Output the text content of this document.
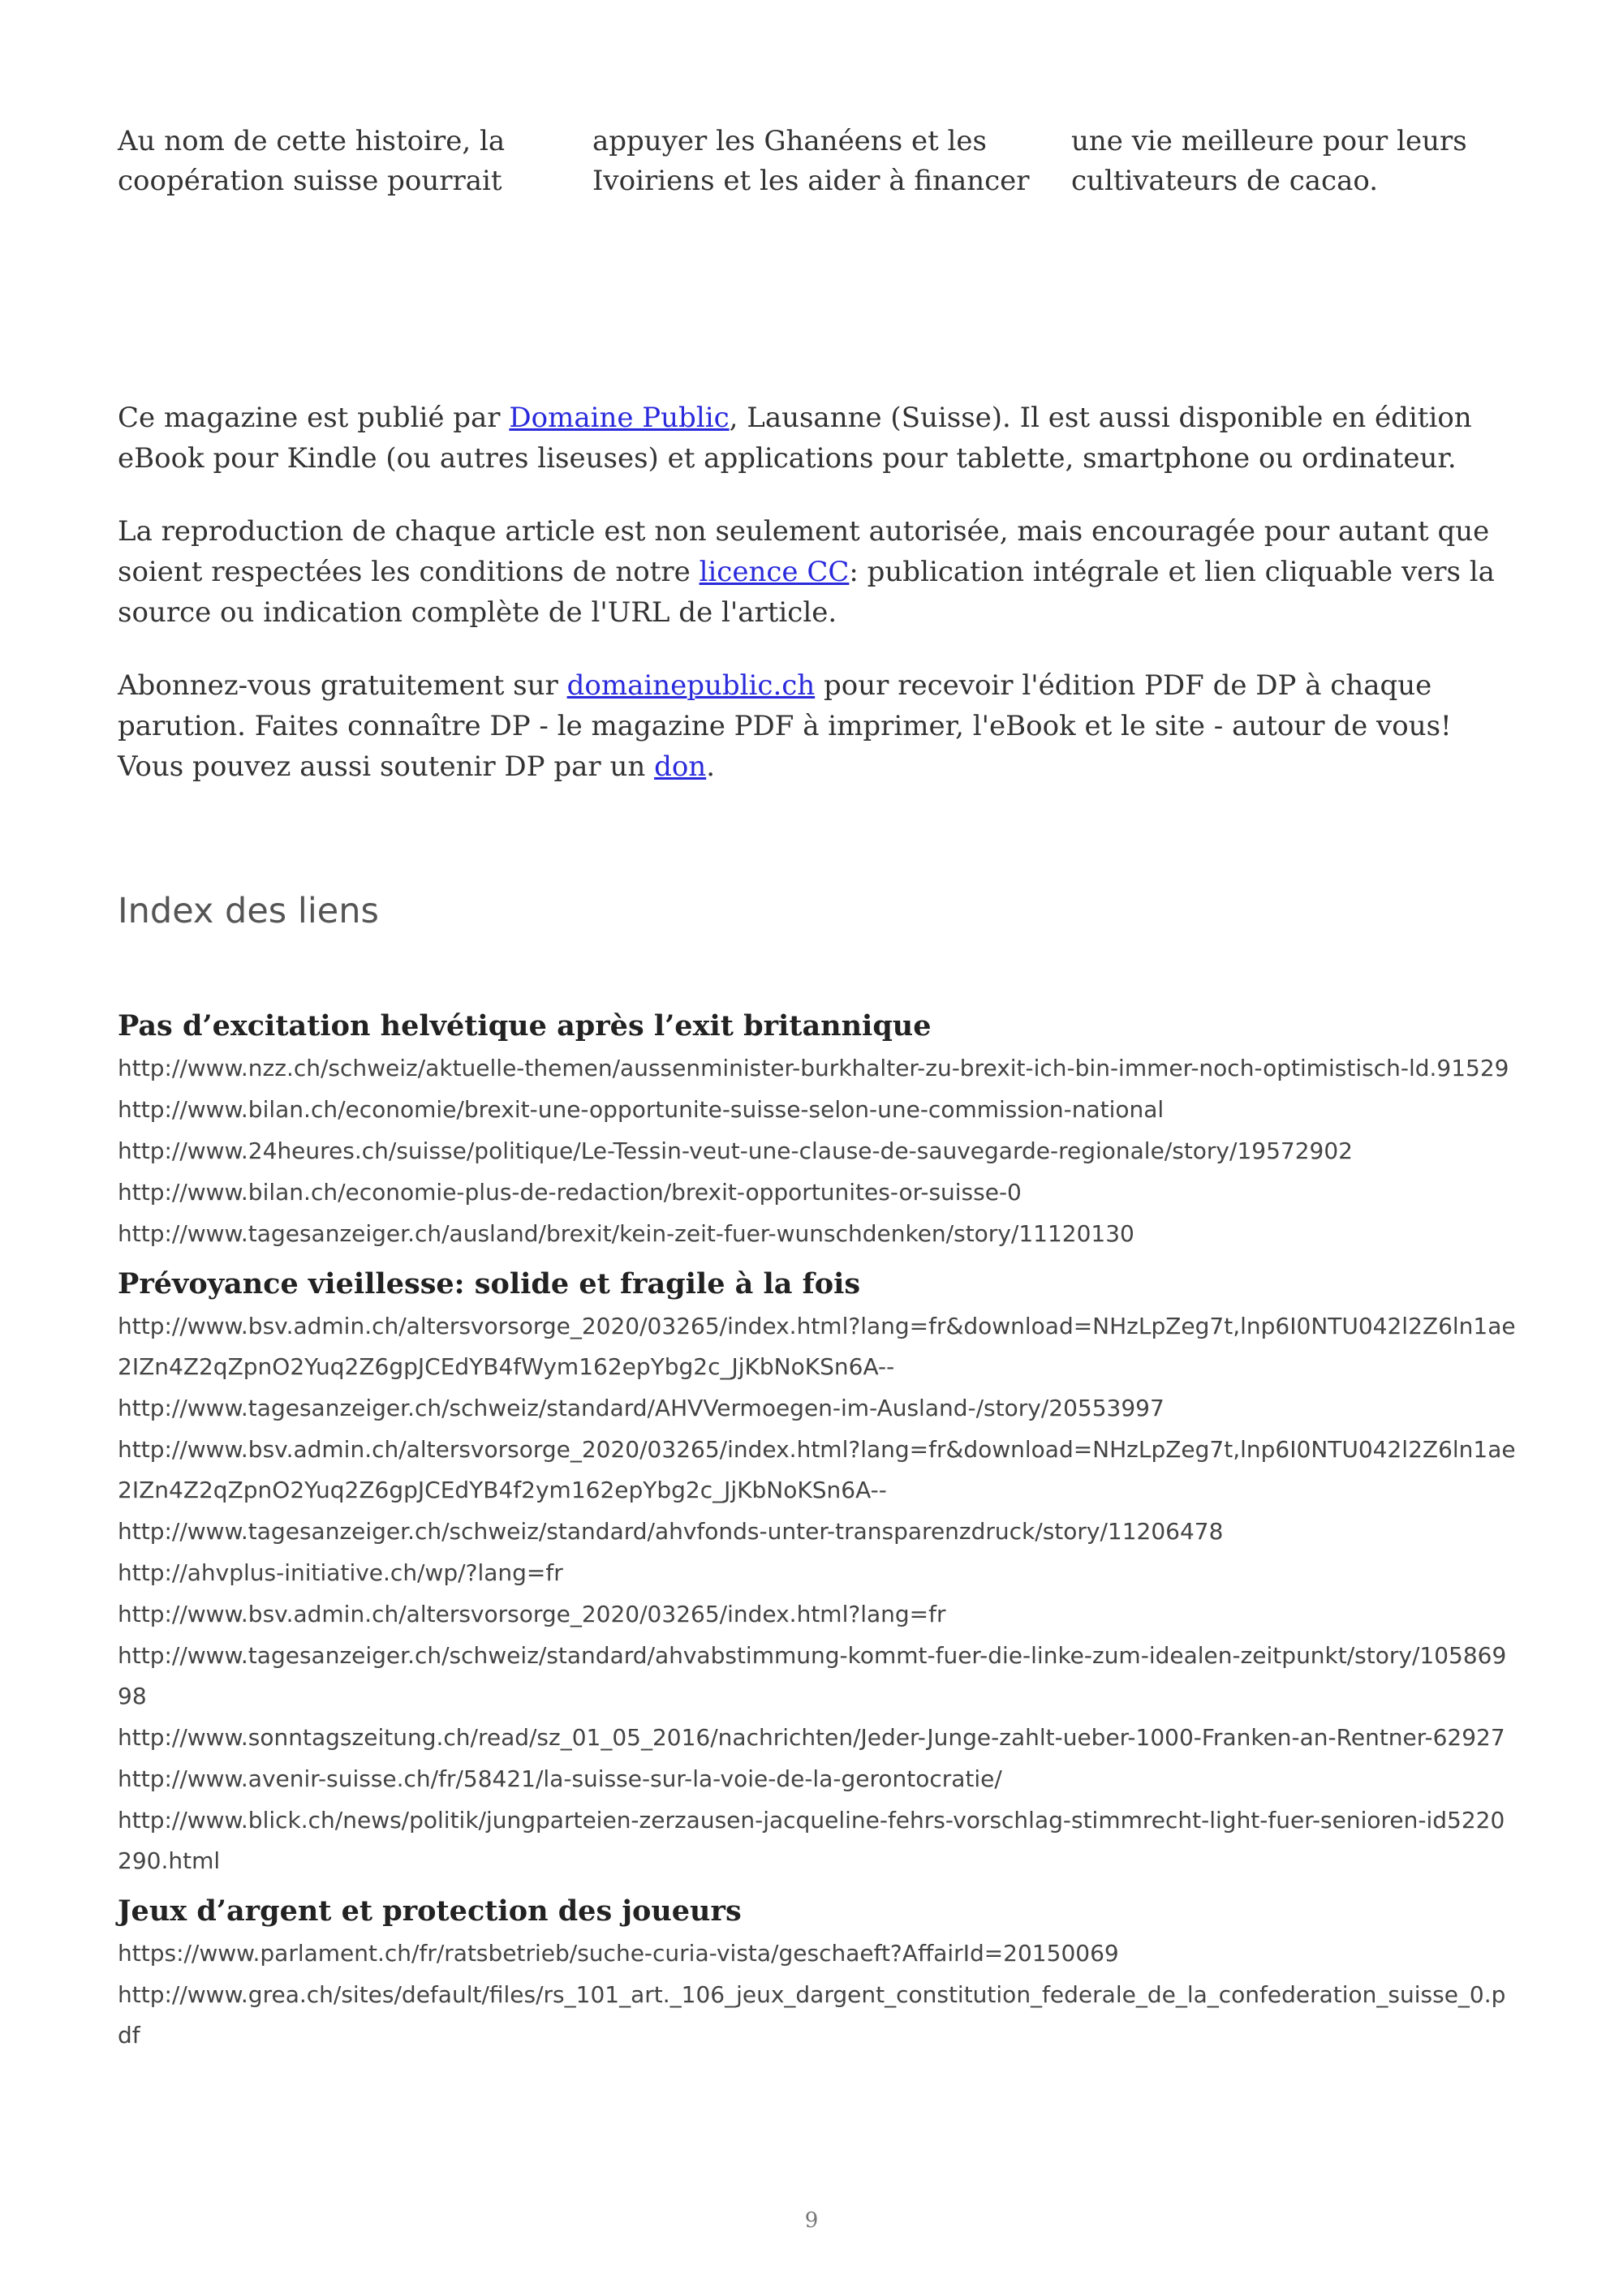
Au nom de cette histoire, la
coopération suisse pourrait
appuyer les Ghanéens et les
Ivoiriens et les aider à financer
une vie meilleure pour leurs
cultivateurs de cacao.

Ce magazine est publié par Domaine Public, Lausanne (Suisse). Il est aussi disponible en édition eBook pour Kindle (ou autres liseuses) et applications pour tablette, smartphone ou ordinateur.

La reproduction de chaque article est non seulement autorisée, mais encouragée pour autant que soient respectées les conditions de notre licence CC: publication intégrale et lien cliquable vers la source ou indication complète de l'URL de l'article.

Abonnez-vous gratuitement sur domainepublic.ch pour recevoir l'édition PDF de DP à chaque parution. Faites connaître DP - le magazine PDF à imprimer, l'eBook et le site - autour de vous! Vous pouvez aussi soutenir DP par un don.

Index des liens
Pas d’excitation helvétique après l’exit britannique
http://www.nzz.ch/schweiz/aktuelle-themen/aussenminister-burkhalter-zu-brexit-ich-bin-immer-noch-optimistisch-ld.91529
http://www.bilan.ch/economie/brexit-une-opportunite-suisse-selon-une-commission-national
http://www.24heures.ch/suisse/politique/Le-Tessin-veut-une-clause-de-sauvegarde-regionale/story/19572902
http://www.bilan.ch/economie-plus-de-redaction/brexit-opportunites-or-suisse-0
http://www.tagesanzeiger.ch/ausland/brexit/kein-zeit-fuer-wunschdenken/story/11120130
Prévoyance vieillesse: solide et fragile à la fois
http://www.bsv.admin.ch/altersvorsorge_2020/03265/index.html?lang=fr&download=NHzLpZeg7t,lnp6I0NTU042l2Z6ln1ae2IZn4Z2qZpnO2Yuq2Z6gpJCEdYB4fWym162epYbg2c_JjKbNoKSn6A--
http://www.tagesanzeiger.ch/schweiz/standard/AHVVermoegen-im-Ausland-/story/20553997
http://www.bsv.admin.ch/altersvorsorge_2020/03265/index.html?lang=fr&download=NHzLpZeg7t,lnp6I0NTU042l2Z6ln1ae2IZn4Z2qZpnO2Yuq2Z6gpJCEdYB4f2ym162epYbg2c_JjKbNoKSn6A--
http://www.tagesanzeiger.ch/schweiz/standard/ahvfonds-unter-transparenzdruck/story/11206478
http://ahvplus-initiative.ch/wp/?lang=fr
http://www.bsv.admin.ch/altersvorsorge_2020/03265/index.html?lang=fr
http://www.tagesanzeiger.ch/schweiz/standard/ahvabstimmung-kommt-fuer-die-linke-zum-idealen-zeitpunkt/story/10586998
http://www.sonntagszeitung.ch/read/sz_01_05_2016/nachrichten/Jeder-Junge-zahlt-ueber-1000-Franken-an-Rentner-62927
http://www.avenir-suisse.ch/fr/58421/la-suisse-sur-la-voie-de-la-gerontocratie/
http://www.blick.ch/news/politik/jungparteien-zerzausen-jacqueline-fehrs-vorschlag-stimmrecht-light-fuer-senioren-id5220290.html
Jeux d’argent et protection des joueurs
https://www.parlament.ch/fr/ratsbetrieb/suche-curia-vista/geschaeft?AffairId=20150069
http://www.grea.ch/sites/default/files/rs_101_art._106_jeux_dargent_constitution_federale_de_la_confederation_suisse_0.pdf
9
